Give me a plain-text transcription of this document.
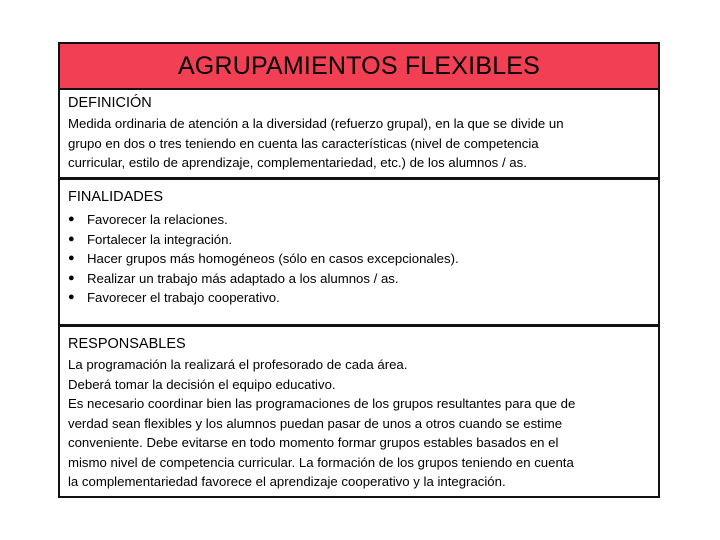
AGRUPAMIENTOS FLEXIBLES
DEFINICIÓN

Medida ordinaria de atención a la diversidad (refuerzo grupal), en la que se divide un

grupo en dos o tres teniendo en cuenta las características (nivel de competencia

curricular, estilo de aprendizaje, complementariedad, etc.) de los alumnos / as.

FINALIDADES
● Favorecer la relaciones.
● Fortalecer la integración.
● Hacer grupos más homogéneos (sólo en casos excepcionales).
● Realizar un trabajo más adaptado a los alumnos / as.
● Favorecer el trabajo cooperativo.
RESPONSABLES

La programación la realizará el profesorado de cada área.

Deberá tomar la decisión el equipo educativo.

Es necesario coordinar bien las programaciones de los grupos resultantes para que de

verdad sean flexibles y los alumnos puedan pasar de unos a otros cuando se estime

conveniente. Debe evitarse en todo momento formar grupos estables basados en el

mismo nivel de competencia curricular. La formación de los grupos teniendo en cuenta

la complementariedad favorece el aprendizaje cooperativo y la integración.
